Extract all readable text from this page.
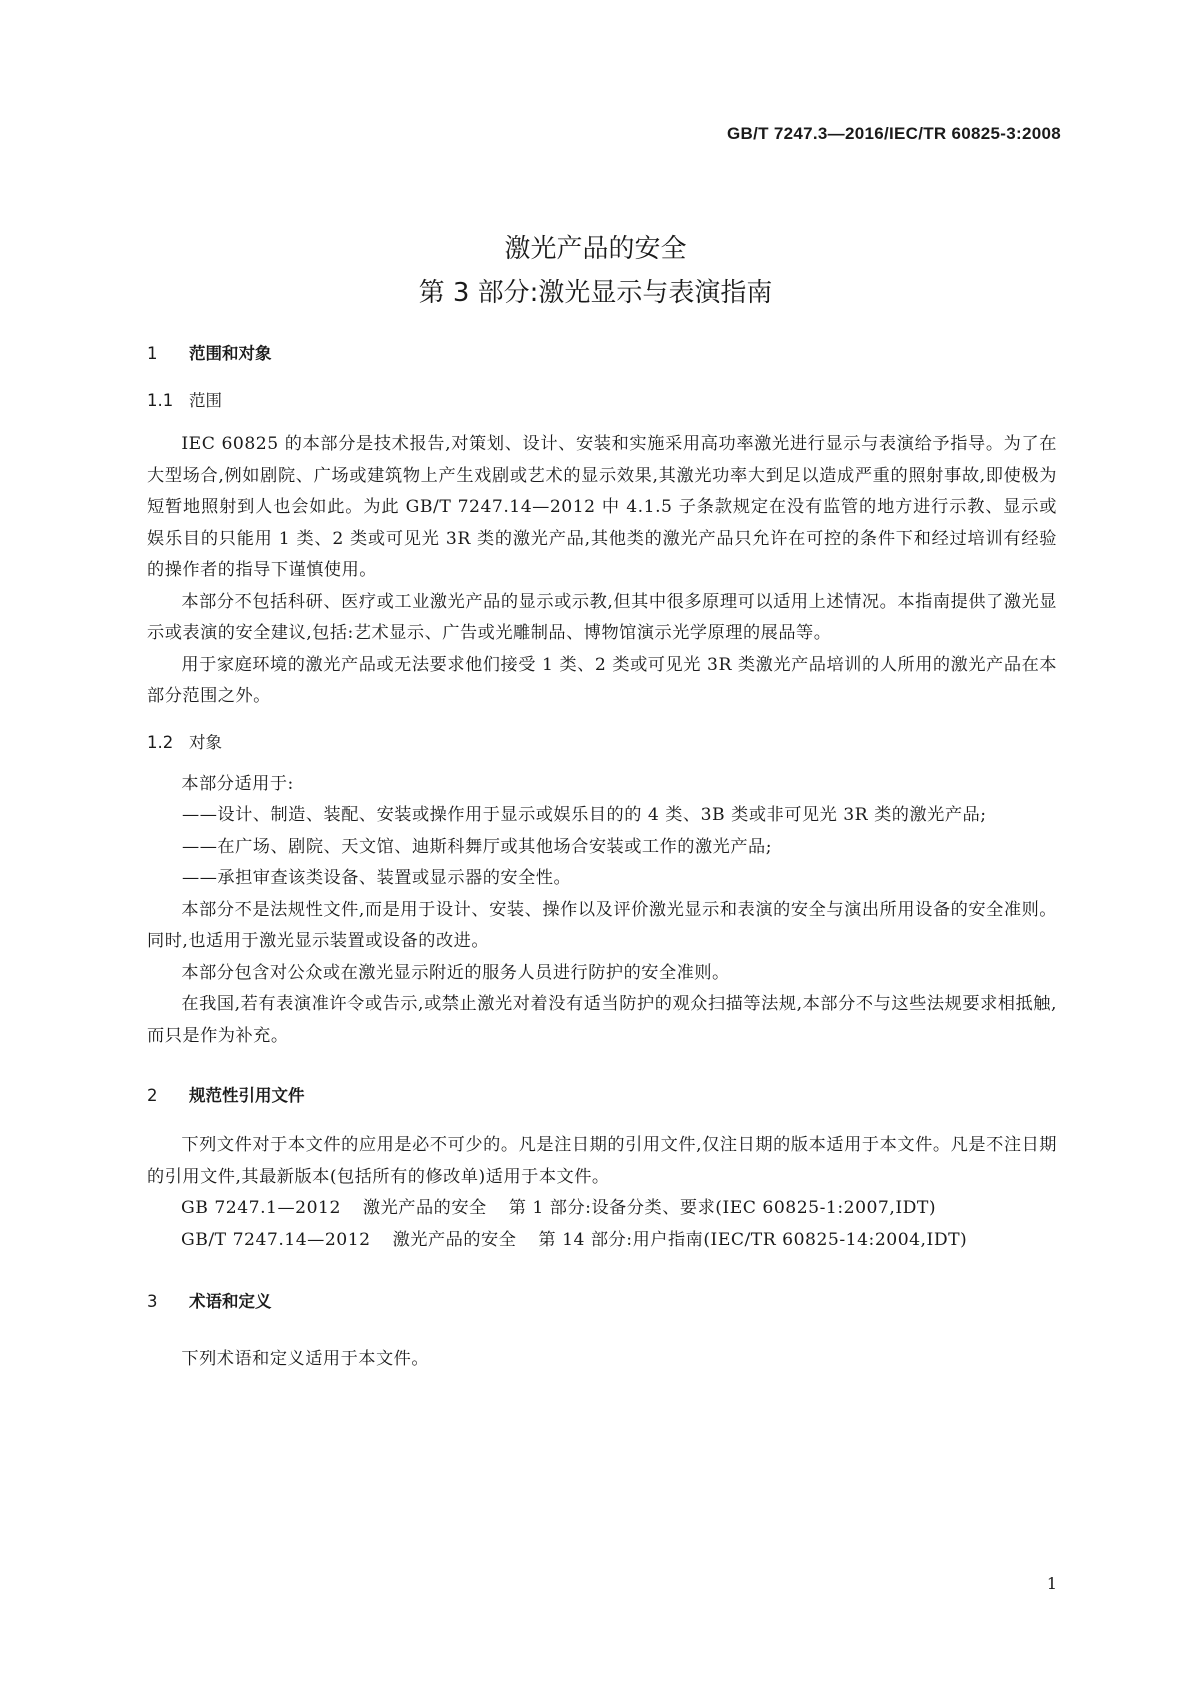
GB/T 7247.3—2016/IEC/TR 60825-3:2008
激光产品的安全
第 3 部分:激光显示与表演指南
1 范围和对象
1.1 范围
IEC 60825 的本部分是技术报告,对策划、设计、安装和实施采用高功率激光进行显示与表演给予指导。为了在大型场合,例如剧院、广场或建筑物上产生戏剧或艺术的显示效果,其激光功率大到足以造成严重的照射事故,即使极为短暂地照射到人也会如此。为此 GB/T 7247.14—2012 中 4.1.5 子条款规定在没有监管的地方进行示教、显示或娱乐目的只能用 1 类、2 类或可见光 3R 类的激光产品,其他类的激光产品只允许在可控的条件下和经过培训有经验的操作者的指导下谨慎使用。
本部分不包括科研、医疗或工业激光产品的显示或示教,但其中很多原理可以适用上述情况。本指南提供了激光显示或表演的安全建议,包括:艺术显示、广告或光雕制品、博物馆演示光学原理的展品等。
用于家庭环境的激光产品或无法要求他们接受 1 类、2 类或可见光 3R 类激光产品培训的人所用的激光产品在本部分范围之外。
1.2 对象
本部分适用于:
——设计、制造、装配、安装或操作用于显示或娱乐目的的 4 类、3B 类或非可见光 3R 类的激光产品;
——在广场、剧院、天文馆、迪斯科舞厅或其他场合安装或工作的激光产品;
——承担审查该类设备、装置或显示器的安全性。
本部分不是法规性文件,而是用于设计、安装、操作以及评价激光显示和表演的安全与演出所用设备的安全准则。同时,也适用于激光显示装置或设备的改进。
本部分包含对公众或在激光显示附近的服务人员进行防护的安全准则。
在我国,若有表演准许令或告示,或禁止激光对着没有适当防护的观众扫描等法规,本部分不与这些法规要求相抵触,而只是作为补充。
2 规范性引用文件
下列文件对于本文件的应用是必不可少的。凡是注日期的引用文件,仅注日期的版本适用于本文件。凡是不注日期的引用文件,其最新版本(包括所有的修改单)适用于本文件。
GB 7247.1—2012 激光产品的安全 第 1 部分:设备分类、要求(IEC 60825-1:2007,IDT)
GB/T 7247.14—2012 激光产品的安全 第 14 部分:用户指南(IEC/TR 60825-14:2004,IDT)
3 术语和定义
下列术语和定义适用于本文件。
1
